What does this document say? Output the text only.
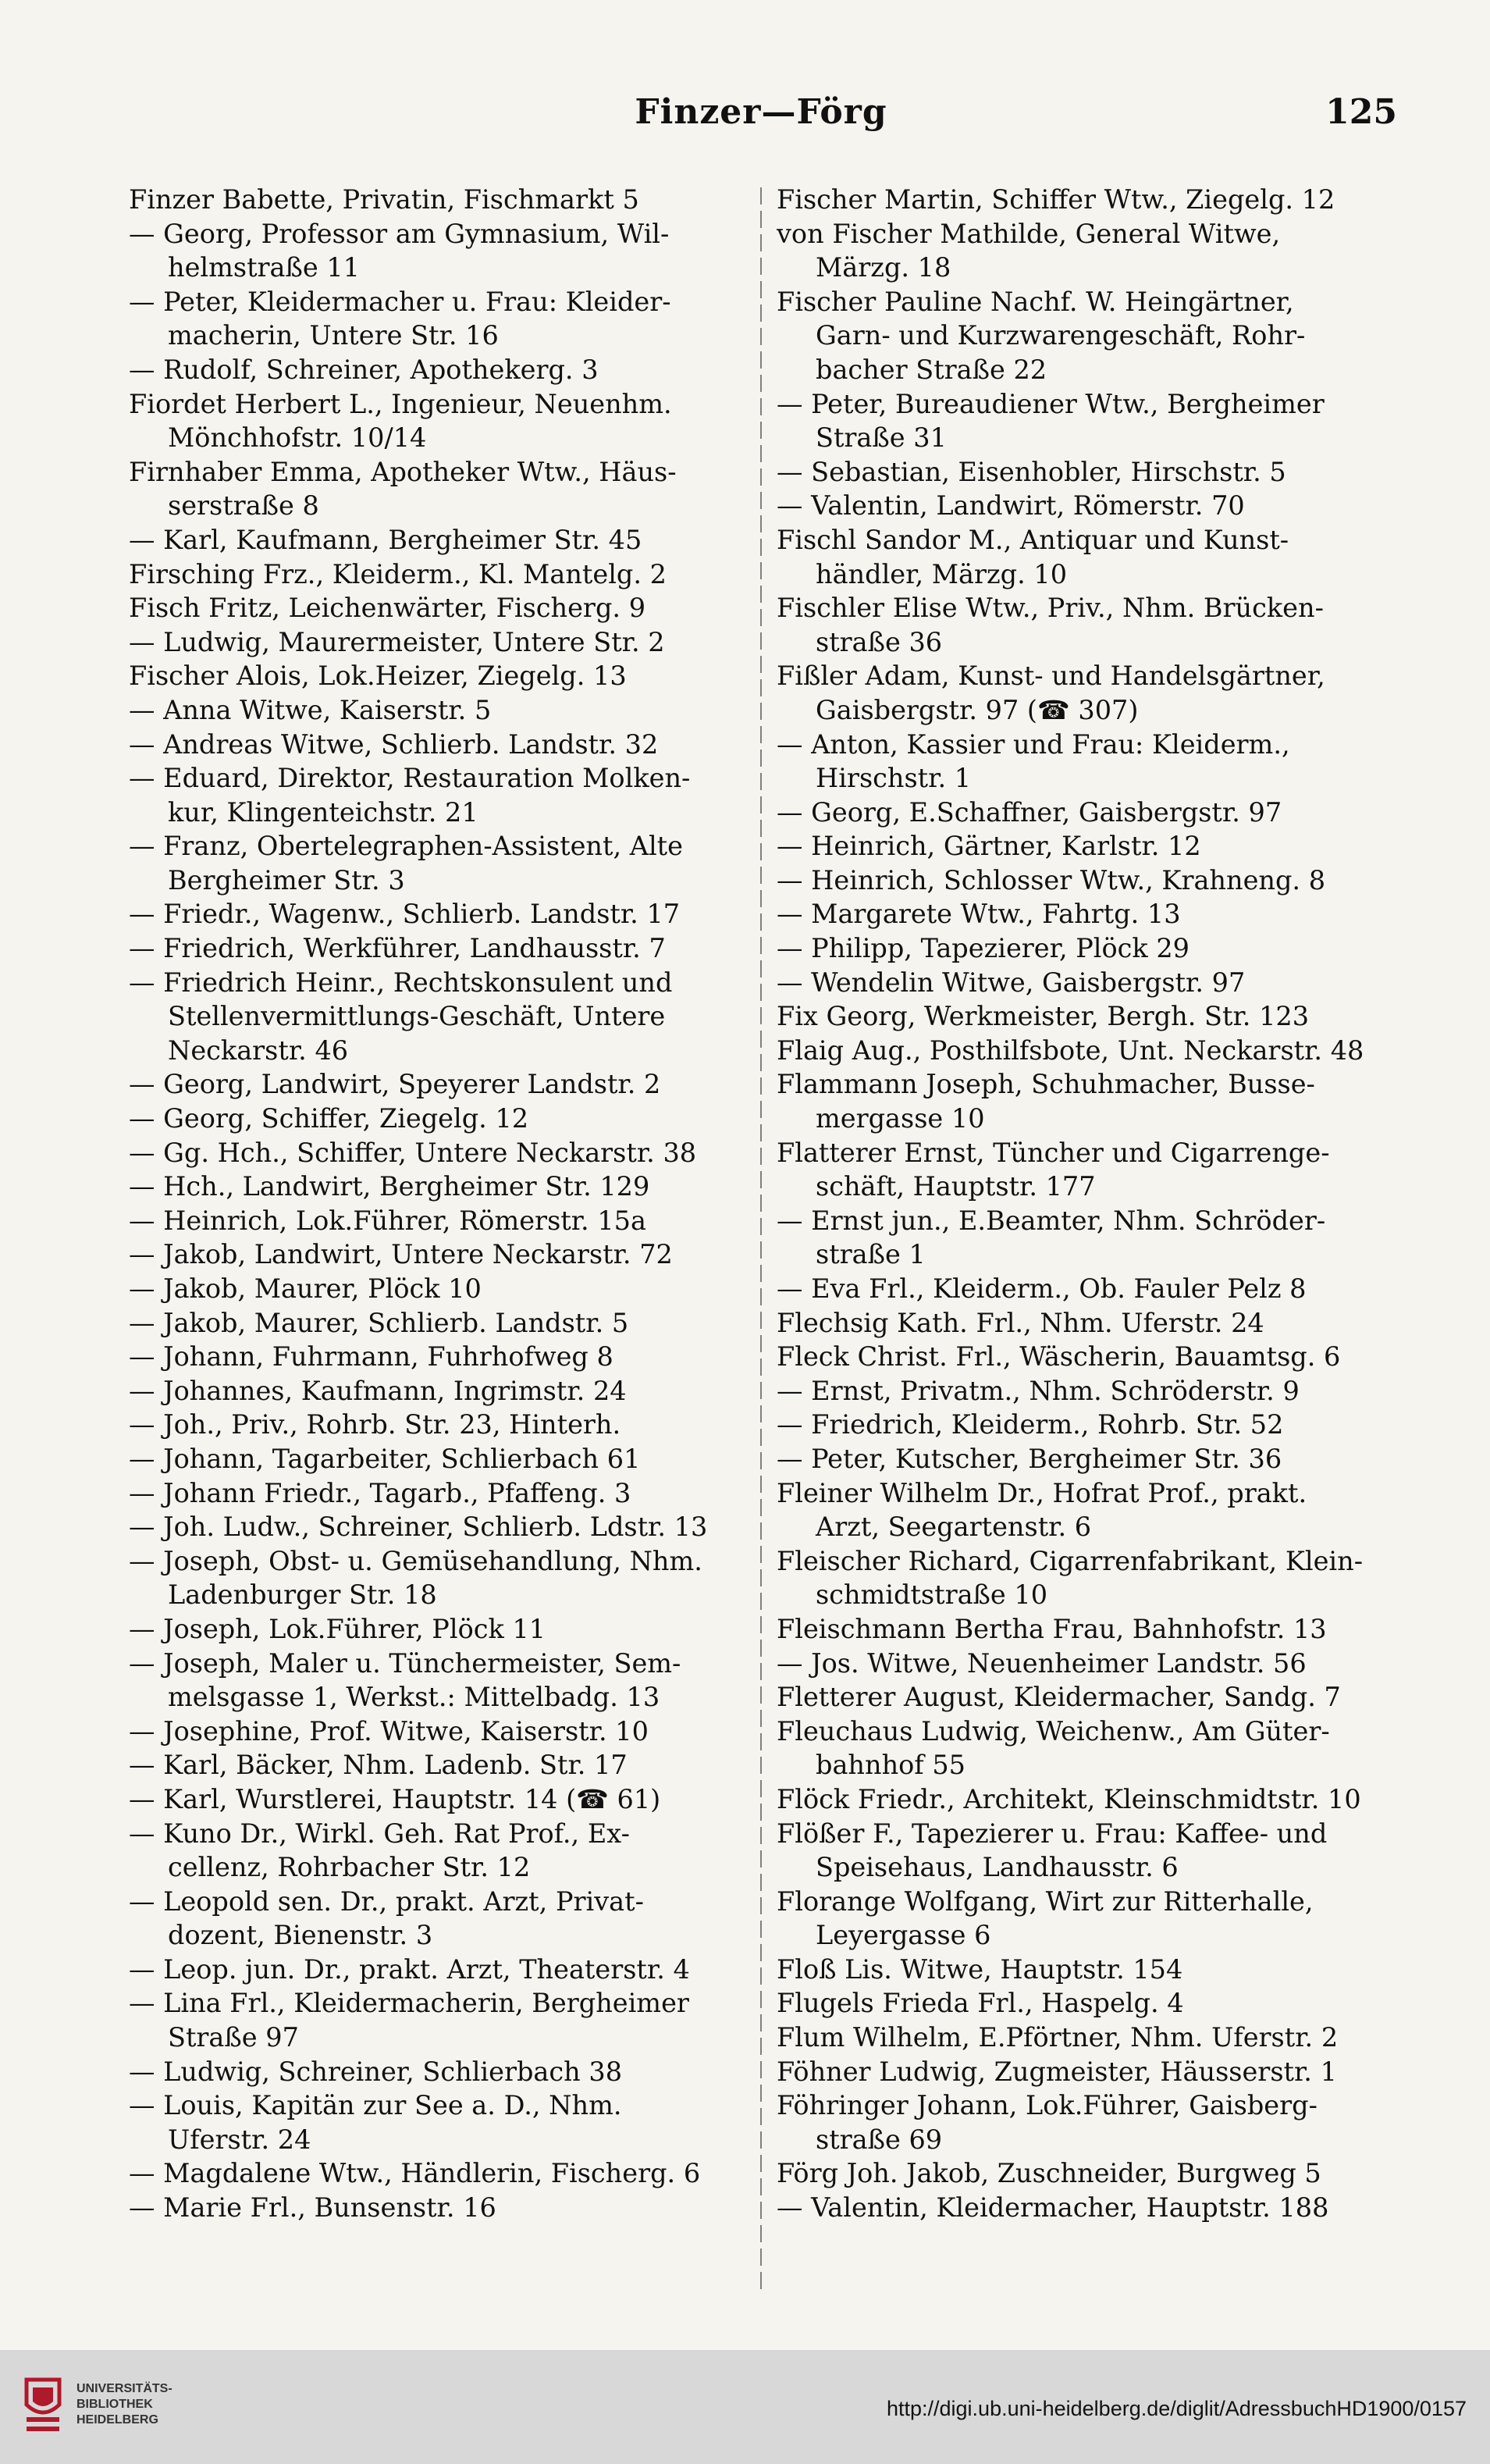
Finzer—Förg	125
Finzer Babette, Privatin, Fischmarkt 5
— Georg, Professor am Gymnasium, Wil-
helmstraße 11
— Peter, Kleidermacher u. Frau: Kleider-
macherin, Untere Str. 16
— Rudolf, Schreiner, Apothekerg. 3
Fiordet Herbert L., Ingenieur, Neuenhm.
Mönchhofstr. 10/14
Firnhaber Emma, Apotheker Wtw., Häus-
serstraße 8
— Karl, Kaufmann, Bergheimer Str. 45
Firsching Frz., Kleiderm., Kl. Mantelg. 2
Fisch Fritz, Leichenwärter, Fischerg. 9
— Ludwig, Maurermeister, Untere Str. 2
Fischer Alois, Lok.Heizer, Ziegelg. 13
— Anna Witwe, Kaiserstr. 5
— Andreas Witwe, Schlierb. Landstr. 32
— Eduard, Direktor, Restauration Molken-
kur, Klingenteichstr. 21
— Franz, Obertelegraphen-Assistent, Alte
Bergheimer Str. 3
— Friedr., Wagenw., Schlierb. Landstr. 17
— Friedrich, Werkführer, Landhausstr. 7
— Friedrich Heinr., Rechtskonsulent und
Stellenvermittlungs-Geschäft, Untere
Neckarstr. 46
— Georg, Landwirt, Speyerer Landstr. 2
— Georg, Schiffer, Ziegelg. 12
— Gg. Hch., Schiffer, Untere Neckarstr. 38
— Hch., Landwirt, Bergheimer Str. 129
— Heinrich, Lok.Führer, Römerstr. 15a
— Jakob, Landwirt, Untere Neckarstr. 72
— Jakob, Maurer, Plöck 10
— Jakob, Maurer, Schlierb. Landstr. 5
— Johann, Fuhrmann, Fuhrhofweg 8
— Johannes, Kaufmann, Ingrimstr. 24
— Joh., Priv., Rohrb. Str. 23, Hinterh.
— Johann, Tagarbeiter, Schlierbach 61
— Johann Friedr., Tagarb., Pfaffeng. 3
— Joh. Ludw., Schreiner, Schlierb. Ldstr. 13
— Joseph, Obst- u. Gemüsehandlung, Nhm.
Ladenburger Str. 18
— Joseph, Lok.Führer, Plöck 11
— Joseph, Maler u. Tünchermeister, Sem-
melsgasse 1, Werkst.: Mittelbadg. 13
— Josephine, Prof. Witwe, Kaiserstr. 10
— Karl, Bäcker, Nhm. Ladenb. Str. 17
— Karl, Wurstlerei, Hauptstr. 14 (☎ 61)
— Kuno Dr., Wirkl. Geh. Rat Prof., Ex-
cellenz, Rohrbacher Str. 12
— Leopold sen. Dr., prakt. Arzt, Privat-
dozent, Bienenstr. 3
— Leop. jun. Dr., prakt. Arzt, Theaterstr. 4
— Lina Frl., Kleidermacherin, Bergheimer
Straße 97
— Ludwig, Schreiner, Schlierbach 38
— Louis, Kapitän zur See a. D., Nhm.
Uferstr. 24
— Magdalene Wtw., Händlerin, Fischerg. 6
— Marie Frl., Bunsenstr. 16
Fischer Martin, Schiffer Wtw., Ziegelg. 12
von Fischer Mathilde, General Witwe,
Märzg. 18
Fischer Pauline Nachf. W. Heingärtner,
Garn- und Kurzwarengeschäft, Rohr-
bacher Straße 22
— Peter, Bureaudiener Wtw., Bergheimer
Straße 31
— Sebastian, Eisenhobler, Hirschstr. 5
— Valentin, Landwirt, Römerstr. 70
Fischl Sandor M., Antiquar und Kunst-
händler, Märzg. 10
Fischler Elise Wtw., Priv., Nhm. Brücken-
straße 36
Fißler Adam, Kunst- und Handelsgärtner,
Gaisbergstr. 97 (☎ 307)
— Anton, Kassier und Frau: Kleiderm.,
Hirschstr. 1
— Georg, E.Schaffner, Gaisbergstr. 97
— Heinrich, Gärtner, Karlstr. 12
— Heinrich, Schlosser Wtw., Krahneng. 8
— Margarete Wtw., Fahrtg. 13
— Philipp, Tapezierer, Plöck 29
— Wendelin Witwe, Gaisbergstr. 97
Fix Georg, Werkmeister, Bergh. Str. 123
Flaig Aug., Posthilfsbote, Unt. Neckarstr. 48
Flammann Joseph, Schuhmacher, Busse-
mergasse 10
Flatterer Ernst, Tüncher und Cigarrenge-
schäft, Hauptstr. 177
— Ernst jun., E.Beamter, Nhm. Schröder-
straße 1
— Eva Frl., Kleiderm., Ob. Fauler Pelz 8
Flechsig Kath. Frl., Nhm. Uferstr. 24
Fleck Christ. Frl., Wäscherin, Bauamtsg. 6
— Ernst, Privatm., Nhm. Schröderstr. 9
— Friedrich, Kleiderm., Rohrb. Str. 52
— Peter, Kutscher, Bergheimer Str. 36
Fleiner Wilhelm Dr., Hofrat Prof., prakt.
Arzt, Seegartenstr. 6
Fleischer Richard, Cigarrenfabrikant, Klein-
schmidtstraße 10
Fleischmann Bertha Frau, Bahnhofstr. 13
— Jos. Witwe, Neuenheimer Landstr. 56
Fletterer August, Kleidermacher, Sandg. 7
Fleuchaus Ludwig, Weichenw., Am Güter-
bahnhof 55
Flöck Friedr., Architekt, Kleinschmidtstr. 10
Flößer F., Tapezierer u. Frau: Kaffee- und
Speisehaus, Landhausstr. 6
Florange Wolfgang, Wirt zur Ritterhalle,
Leyergasse 6
Floß Lis. Witwe, Hauptstr. 154
Flugels Frieda Frl., Haspelg. 4
Flum Wilhelm, E.Pförtner, Nhm. Uferstr. 2
Föhner Ludwig, Zugmeister, Häusserstr. 1
Föhringer Johann, Lok.Führer, Gaisberg-
straße 69
Förg Joh. Jakob, Zuschneider, Burgweg 5
— Valentin, Kleidermacher, Hauptstr. 188
UNIVERSITÄTS-
BIBLIOTHEK
HEIDELBERG	http://digi.ub.uni-heidelberg.de/diglit/AdressbuchHD1900/0157
